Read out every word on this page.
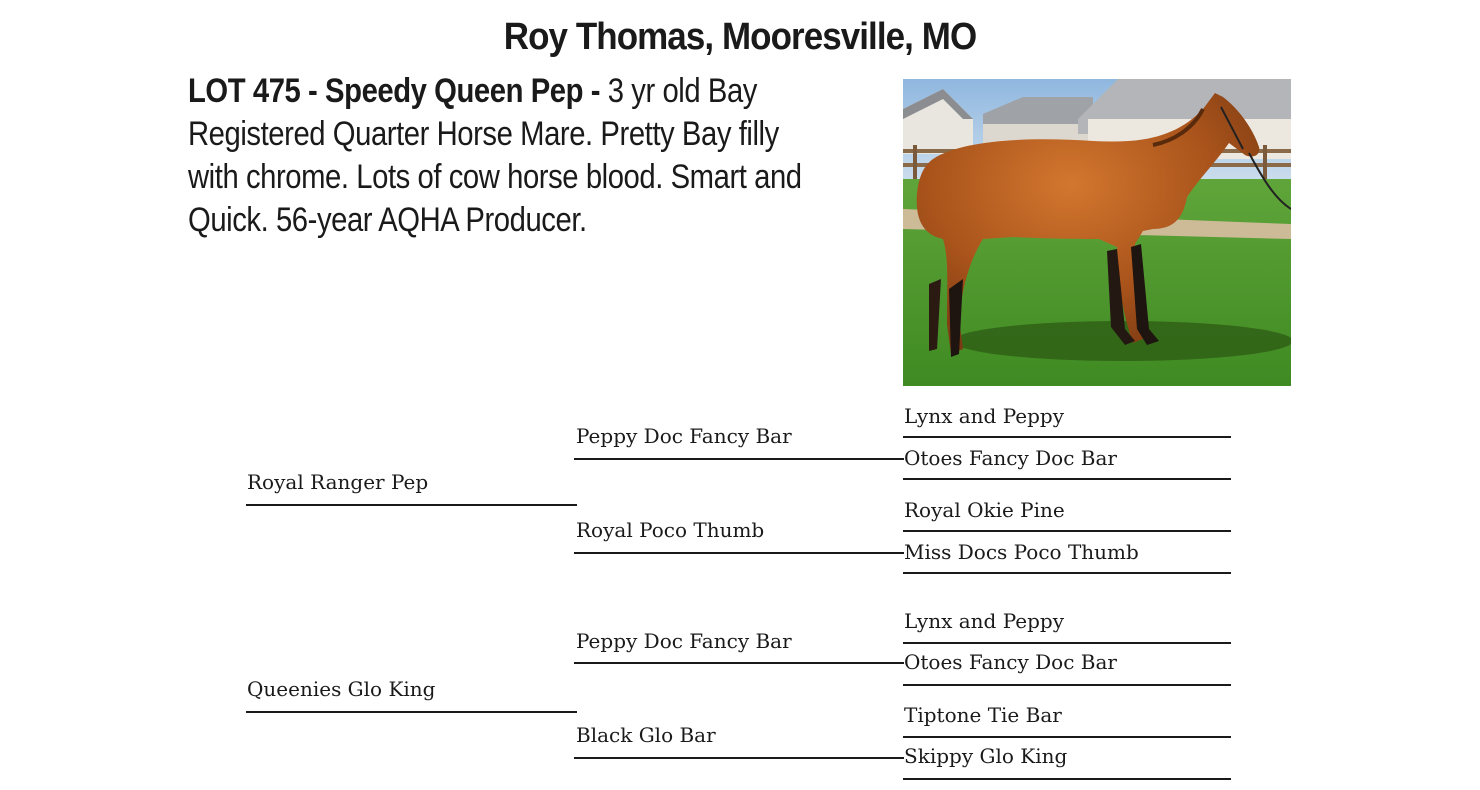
Roy Thomas, Mooresville, MO
LOT 475 - Speedy Queen Pep - 3 yr old Bay Registered Quarter Horse Mare. Pretty Bay filly with chrome. Lots of cow horse blood. Smart and Quick. 56-year AQHA Producer.
Royal Ranger Pep
Peppy Doc Fancy Bar
Royal Poco Thumb
Lynx and Peppy
Otoes Fancy Doc Bar
Royal Okie Pine
Miss Docs Poco Thumb
Queenies Glo King
Peppy Doc Fancy Bar
Black Glo Bar
Lynx and Peppy
Otoes Fancy Doc Bar
Tiptone Tie Bar
Skippy Glo King
